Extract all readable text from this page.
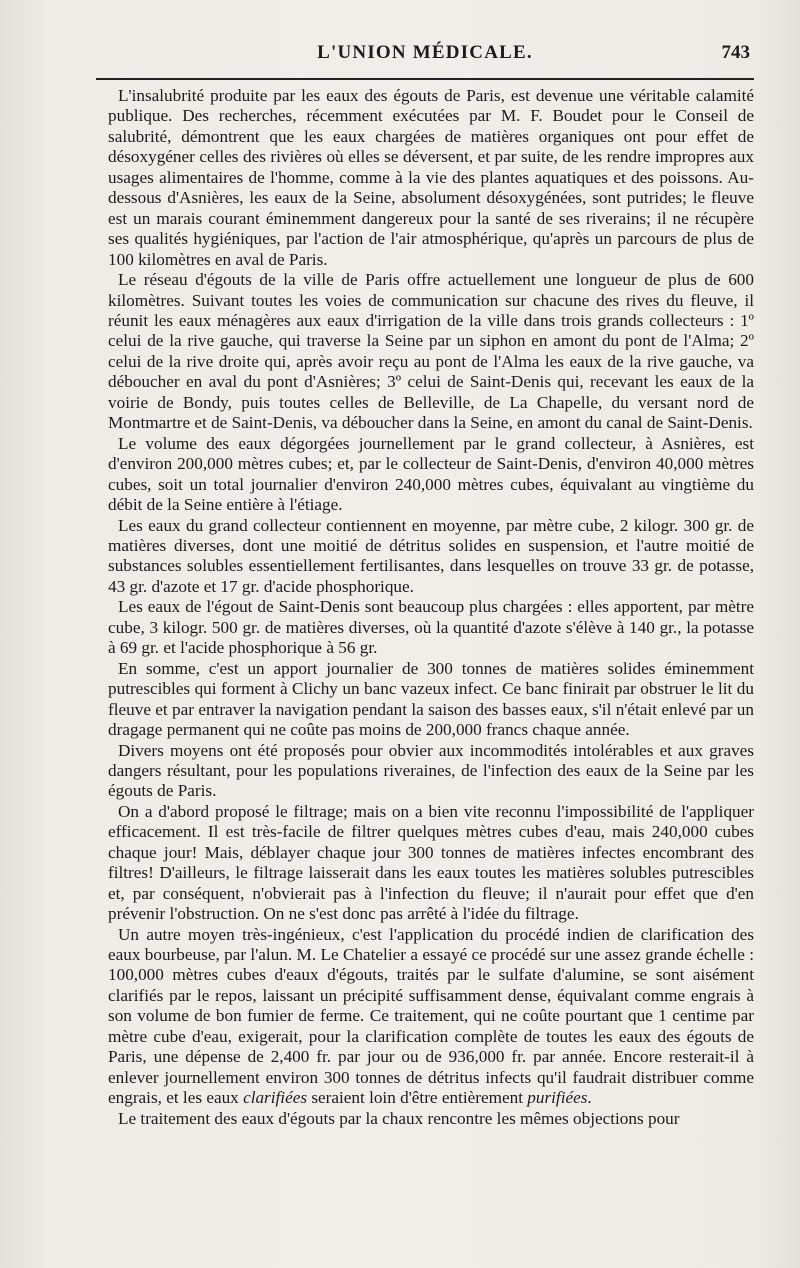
L'UNION MÉDICALE.	743

L'insalubrité produite par les eaux des égouts de Paris, est devenue une véritable calamité publique. Des recherches, récemment exécutées par M. F. Boudet pour le Conseil de salubrité, démontrent que les eaux chargées de matières organiques ont pour effet de désoxygéner celles des rivières où elles se déversent, et par suite, de les rendre impropres aux usages alimentaires de l'homme, comme à la vie des plantes aquatiques et des poissons. Au-dessous d'Asnières, les eaux de la Seine, absolument désoxygénées, sont putrides; le fleuve est un marais courant éminemment dangereux pour la santé de ses riverains; il ne récupère ses qualités hygiéniques, par l'action de l'air atmosphérique, qu'après un parcours de plus de 100 kilomètres en aval de Paris.

Le réseau d'égouts de la ville de Paris offre actuellement une longueur de plus de 600 kilomètres. Suivant toutes les voies de communication sur chacune des rives du fleuve, il réunit les eaux ménagères aux eaux d'irrigation de la ville dans trois grands collecteurs : 1º celui de la rive gauche, qui traverse la Seine par un siphon en amont du pont de l'Alma; 2º celui de la rive droite qui, après avoir reçu au pont de l'Alma les eaux de la rive gauche, va déboucher en aval du pont d'Asnières; 3º celui de Saint-Denis qui, recevant les eaux de la voirie de Bondy, puis toutes celles de Belleville, de La Chapelle, du versant nord de Montmartre et de Saint-Denis, va déboucher dans la Seine, en amont du canal de Saint-Denis.

Le volume des eaux dégorgées journellement par le grand collecteur, à Asnières, est d'environ 200,000 mètres cubes; et, par le collecteur de Saint-Denis, d'environ 40,000 mètres cubes, soit un total journalier d'environ 240,000 mètres cubes, équivalant au vingtième du débit de la Seine entière à l'étiage.

Les eaux du grand collecteur contiennent en moyenne, par mètre cube, 2 kilogr. 300 gr. de matières diverses, dont une moitié de détritus solides en suspension, et l'autre moitié de substances solubles essentiellement fertilisantes, dans lesquelles on trouve 33 gr. de potasse, 43 gr. d'azote et 17 gr. d'acide phosphorique.

Les eaux de l'égout de Saint-Denis sont beaucoup plus chargées : elles apportent, par mètre cube, 3 kilogr. 500 gr. de matières diverses, où la quantité d'azote s'élève à 140 gr., la potasse à 69 gr. et l'acide phosphorique à 56 gr.

En somme, c'est un apport journalier de 300 tonnes de matières solides éminemment putrescibles qui forment à Clichy un banc vazeux infect. Ce banc finirait par obstruer le lit du fleuve et par entraver la navigation pendant la saison des basses eaux, s'il n'était enlevé par un dragage permanent qui ne coûte pas moins de 200,000 francs chaque année.

Divers moyens ont été proposés pour obvier aux incommodités intolérables et aux graves dangers résultant, pour les populations riveraines, de l'infection des eaux de la Seine par les égouts de Paris.

On a d'abord proposé le filtrage; mais on a bien vite reconnu l'impossibilité de l'appliquer efficacement. Il est très-facile de filtrer quelques mètres cubes d'eau, mais 240,000 cubes chaque jour! Mais, déblayer chaque jour 300 tonnes de matières infectes encombrant des filtres! D'ailleurs, le filtrage laisserait dans les eaux toutes les matières solubles putrescibles et, par conséquent, n'obvierait pas à l'infection du fleuve; il n'aurait pour effet que d'en prévenir l'obstruction. On ne s'est donc pas arrêté à l'idée du filtrage.

Un autre moyen très-ingénieux, c'est l'application du procédé indien de clarification des eaux bourbeuse, par l'alun. M. Le Chatelier a essayé ce procédé sur une assez grande échelle : 100,000 mètres cubes d'eaux d'égouts, traités par le sulfate d'alumine, se sont aisément clarifiés par le repos, laissant un précipité suffisamment dense, équivalant comme engrais à son volume de bon fumier de ferme. Ce traitement, qui ne coûte pourtant que 1 centime par mètre cube d'eau, exigerait, pour la clarification complète de toutes les eaux des égouts de Paris, une dépense de 2,400 fr. par jour ou de 936,000 fr. par année. Encore resterait-il à enlever journellement environ 300 tonnes de détritus infects qu'il faudrait distribuer comme engrais, et les eaux clarifiées seraient loin d'être entièrement purifiées.

Le traitement des eaux d'égouts par la chaux rencontre les mêmes objections pour
